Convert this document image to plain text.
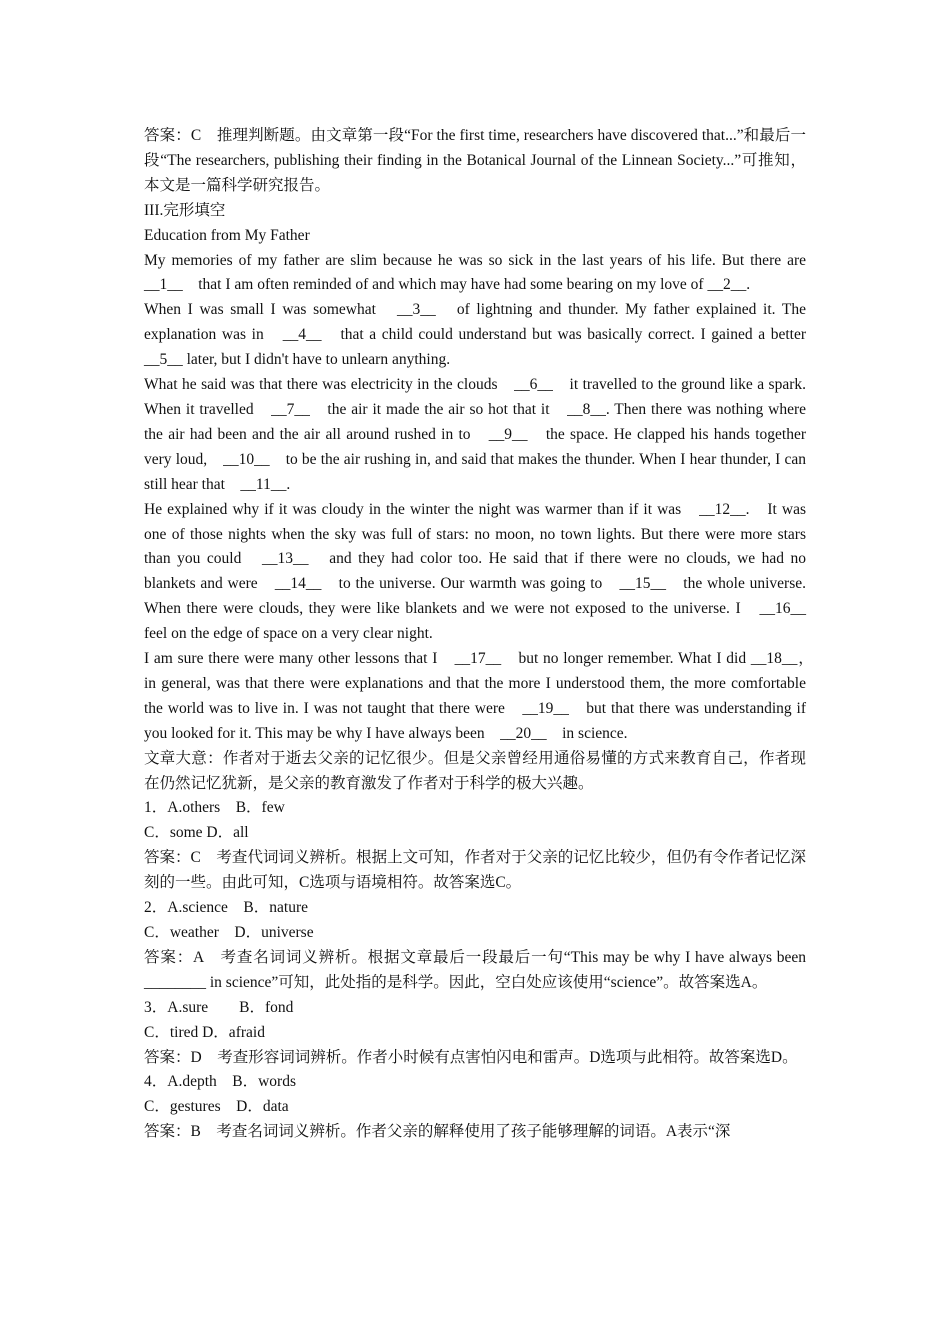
答案：C　推理判断题。由文章第一段“For the first time, researchers have discovered that...”和最后一段“The researchers, publishing their finding in the Botanical Journal of the Linnean Society...”可推知，本文是一篇科学研究报告。

III.完形填空

Education from My Father

My memories of my father are slim because he was so sick in the last years of his life. But there are　__1__　that I am often reminded of and which may have had some bearing on my love of __2__.

When I was small I was somewhat　__3__　of lightning and thunder. My father explained it. The explanation was in　__4__　that a child could understand but was basically correct. I gained a better　__5__ later, but I didn't have to unlearn anything.

What he said was that there was electricity in the clouds　__6__　it travelled to the ground like a spark. When it travelled　__7__　the air it made the air so hot that it　__8__. Then there was nothing where the air had been and the air all around rushed in to　__9__　the space. He clapped his hands together very loud,　__10__　to be the air rushing in, and said that makes the thunder. When I hear thunder, I can still hear that　__11__.

He explained why if it was cloudy in the winter the night was warmer than if it was　__12__.　It was one of those nights when the sky was full of stars: no moon, no town lights. But there were more stars than you could　__13__　and they had color too. He said that if there were no clouds, we had no blankets and were　__14__　to the universe. Our warmth was going to　__15__　the whole universe. When there were clouds, they were like blankets and we were not exposed to the universe. I　__16__　feel on the edge of space on a very clear night.

I am sure there were many other lessons that I　__17__　but no longer remember. What I did __18__，　in general, was that there were explanations and that the more I understood them, the more comfortable the world was to live in. I was not taught that there were　__19__　but that there was understanding if you looked for it. This may be why I have always been　__20__　in science.

文章大意：作者对于逝去父亲的记忆很少。但是父亲曾经用通俗易懂的方式来教育自己，作者现在仍然记忆犹新，是父亲的教育激发了作者对于科学的极大兴趣。

1．A.others　B．few

C．some D．all

答案：C　考查代词词义辨析。根据上文可知，作者对于父亲的记忆比较少，但仍有令作者记忆深刻的一些。由此可知，C选项与语境相符。故答案选C。

2．A.science　B．nature

C．weather　D．universe

答案：A　考查名词词义辨析。根据文章最后一段最后一句“This may be why I have always been ________ in science”可知，此处指的是科学。因此，空白处应该使用“science”。故答案选A。

3．A.sure　　B．fond

C．tired D．afraid

答案：D　考查形容词词辨析。作者小时候有点害怕闪电和雷声。D选项与此相符。故答案选D。

4．A.depth　B．words

C．gestures　D．data

答案：B　考查名词词义辨析。作者父亲的解释使用了孩子能够理解的词语。A表示“深
